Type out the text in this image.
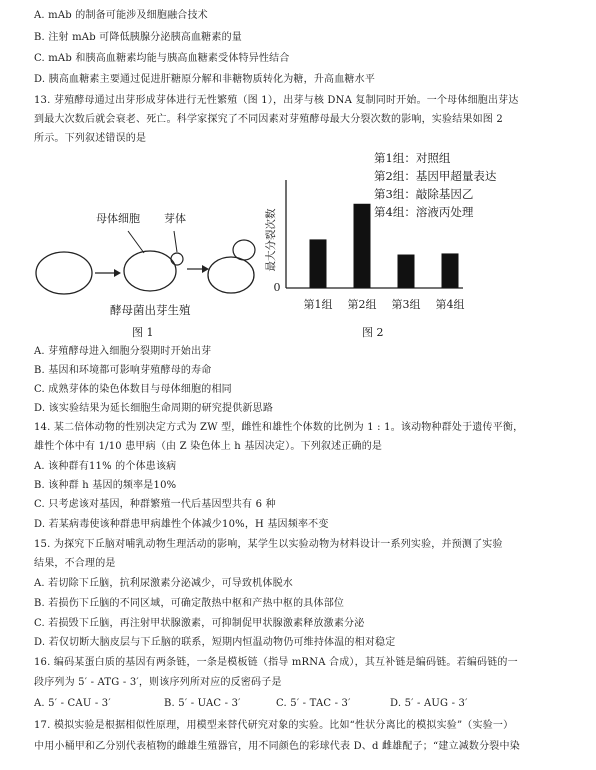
A. mAb 的制备可能涉及细胞融合技术
B. 注射 mAb 可降低胰腺分泌胰高血糖素的量
C. mAb 和胰高血糖素均能与胰高血糖素受体特异性结合
D. 胰高血糖素主要通过促进肝糖原分解和非糖物质转化为糖，升高血糖水平
13. 芽殖酵母通过出芽形成芽体进行无性繁殖（图 1），出芽与核 DNA 复制同时开始。一个母体细胞出芽达
到最大次数后就会衰老、死亡。科学家探究了不同因素对芽殖酵母最大分裂次数的影响，实验结果如图 2
所示。下列叙述错误的是
母体细胞 芽体
酵母菌出芽生殖
图 1
最大分裂次数
0
第1组 第2组 第3组 第4组
第1组：对照组
第2组：基因甲超量表达
第3组：敲除基因乙
第4组：溶液丙处理
图 2
A. 芽殖酵母进入细胞分裂期时开始出芽
B. 基因和环境都可影响芽殖酵母的寿命
C. 成熟芽体的染色体数目与母体细胞的相同
D. 该实验结果为延长细胞生命周期的研究提供新思路
14. 某二倍体动物的性别决定方式为 ZW 型，雌性和雄性个体数的比例为 1 : 1。该动物种群处于遗传平衡，
雄性个体中有 1/10 患甲病（由 Z 染色体上 h 基因决定）。下列叙述正确的是
A. 该种群有11% 的个体患该病
B. 该种群 h 基因的频率是10%
C. 只考虑该对基因，种群繁殖一代后基因型共有 6 种
D. 若某病毒使该种群患甲病雄性个体减少10%，H 基因频率不变
15. 为探究下丘脑对哺乳动物生理活动的影响，某学生以实验动物为材料设计一系列实验，并预测了实验
结果，不合理的是
A. 若切除下丘脑，抗利尿激素分泌减少，可导致机体脱水
B. 若损伤下丘脑的不同区域，可确定散热中枢和产热中枢的具体部位
C. 若损毁下丘脑，再注射甲状腺激素，可抑制促甲状腺激素释放激素分泌
D. 若仅切断大脑皮层与下丘脑的联系，短期内恒温动物仍可维持体温的相对稳定
16. 编码某蛋白质的基因有两条链，一条是模板链（指导 mRNA 合成），其互补链是编码链。若编码链的一
段序列为 5′ - ATG - 3′，则该序列所对应的反密码子是
A. 5′ - CAU - 3′	B. 5′ - UAC - 3′	C. 5′ - TAC - 3′	D. 5′ - AUG - 3′
17. 模拟实验是根据相似性原理，用模型来替代研究对象的实验。比如“性状分离比的模拟实验”（实验一）
中用小桶甲和乙分别代表植物的雌雄生殖器官，用不同颜色的彩球代表 D、d 雌雄配子；“建立减数分裂中染
